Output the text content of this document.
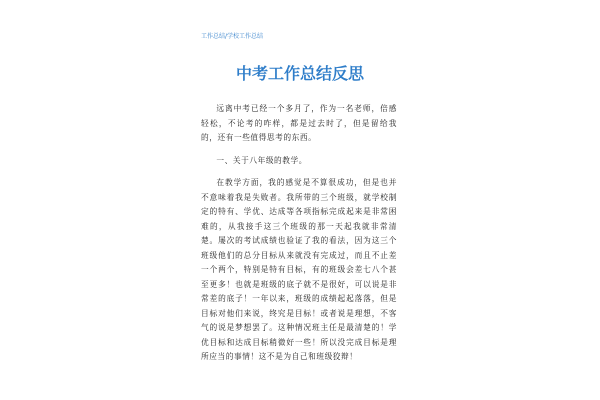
工作总结/学校工作总结
中考工作总结反思

远离中考已经一个多月了，作为一名老师，倍感轻松，不论考的咋样，都是过去时了，但是留给我的，还有一些值得思考的东西。

一、关于八年级的教学。

在教学方面，我的感觉是不算很成功，但是也并不意味着我是失败者。我所带的三个班级，就学校制定的特有、学优、达成等各项指标完成起来是非常困难的，从我接手这三个班级的那一天起我就非常清楚。屡次的考试成绩也验证了我的看法，因为这三个班级他们的总分目标从来就没有完成过，而且不止差一个两个，特别是特有目标，有的班级会差七八个甚至更多！也就是班级的底子就不是很好，可以说是非常差的底子！一年以来，班级的成绩起起落落，但是目标对他们来说，终究是目标！或者说是理想，不客气的说是梦想罢了。这种情况班主任是最清楚的！学优目标和达成目标稍微好一些！所以没完成目标是理所应当的事情！这不是为自己和班级狡辩！
